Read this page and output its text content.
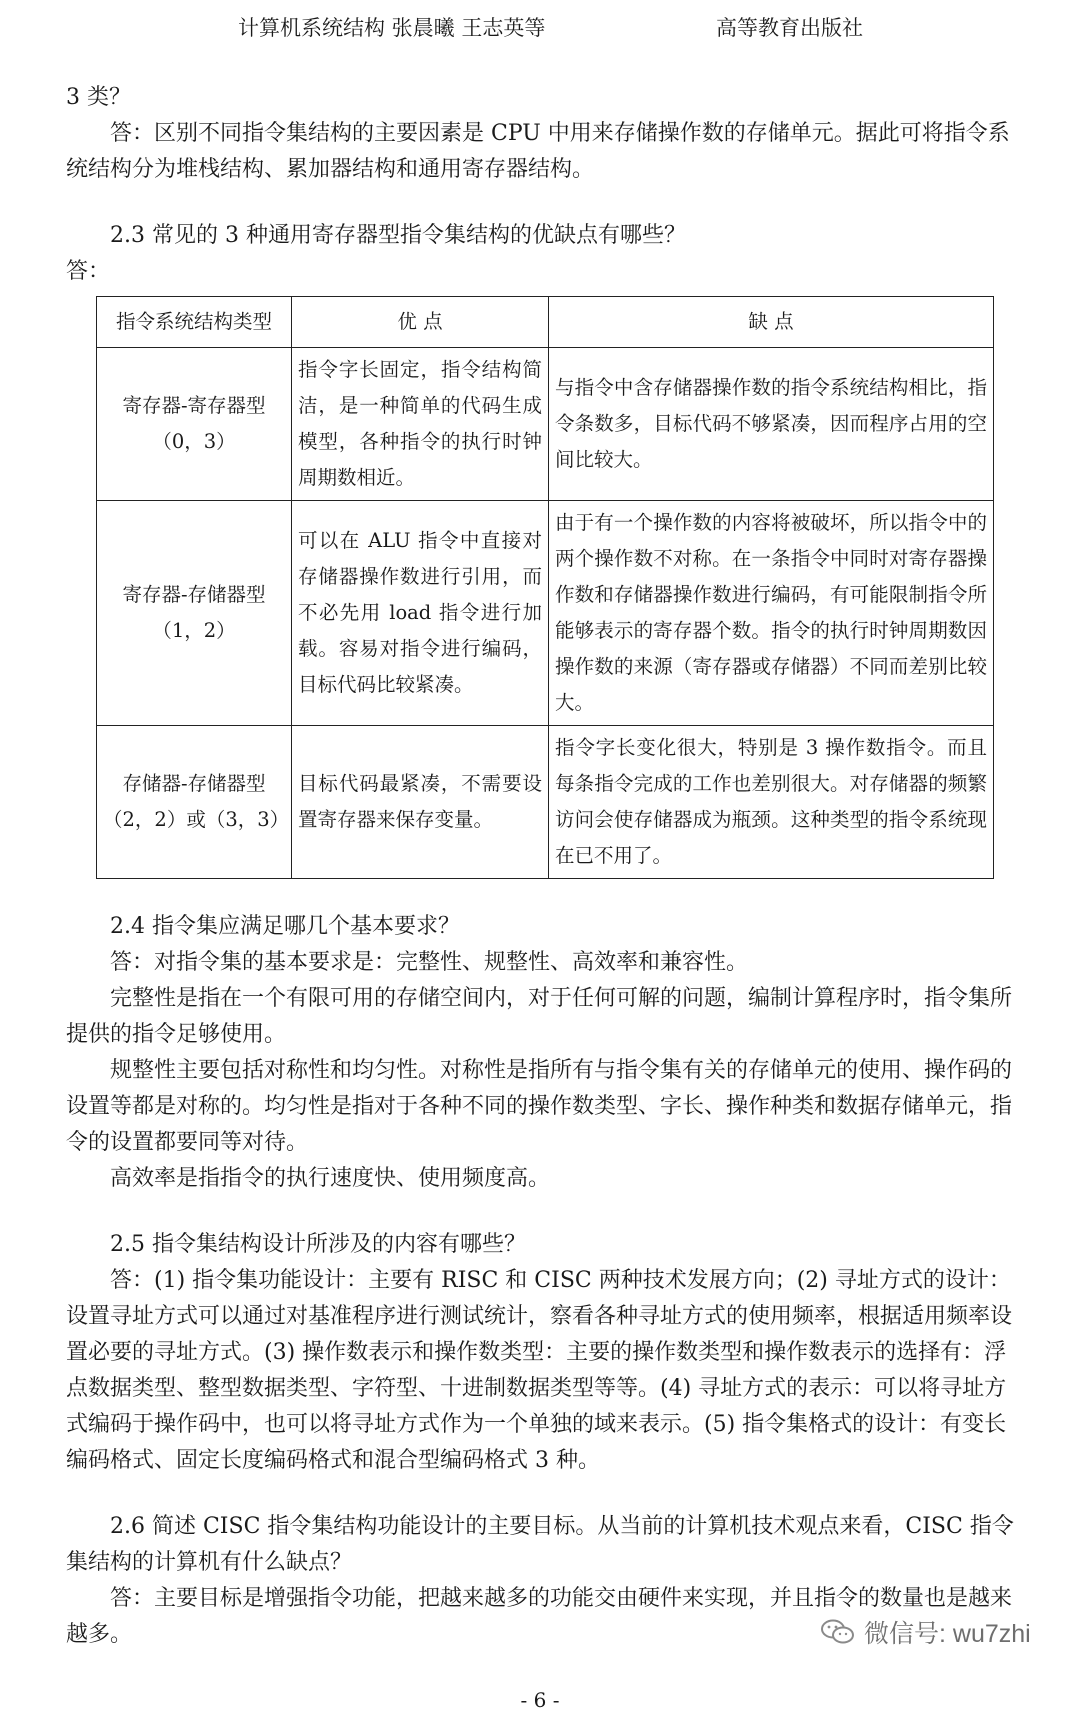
计算机系统结构 张晨曦 王志英等	高等教育出版社

3 类？

答：区别不同指令集结构的主要因素是 CPU 中用来存储操作数的存储单元。据此可将指令系统结构分为堆栈结构、累加器结构和通用寄存器结构。

2.3 常见的 3 种通用寄存器型指令集结构的优缺点有哪些？

答：

指令系统结构类型	优 点	缺 点

寄存器-寄存器型
（0，3）	指令字长固定，指令结构简洁，是一种简单的代码生成模型，各种指令的执行时钟周期数相近。	与指令中含存储器操作数的指令系统结构相比，指令条数多，目标代码不够紧凑，因而程序占用的空间比较大。

寄存器-存储器型
（1，2）	可以在 ALU 指令中直接对存储器操作数进行引用，而不必先用 load 指令进行加载。容易对指令进行编码，目标代码比较紧凑。	由于有一个操作数的内容将被破坏，所以指令中的两个操作数不对称。在一条指令中同时对寄存器操作数和存储器操作数进行编码，有可能限制指令所能够表示的寄存器个数。指令的执行时钟周期数因操作数的来源（寄存器或存储器）不同而差别比较大。

存储器-存储器型
（2，2）或（3，3）	目标代码最紧凑，不需要设置寄存器来保存变量。	指令字长变化很大，特别是 3 操作数指令。而且每条指令完成的工作也差别很大。对存储器的频繁访问会使存储器成为瓶颈。这种类型的指令系统现在已不用了。

2.4 指令集应满足哪几个基本要求？

答：对指令集的基本要求是：完整性、规整性、高效率和兼容性。

完整性是指在一个有限可用的存储空间内，对于任何可解的问题，编制计算程序时，指令集所提供的指令足够使用。

规整性主要包括对称性和均匀性。对称性是指所有与指令集有关的存储单元的使用、操作码的设置等都是对称的。均匀性是指对于各种不同的操作数类型、字长、操作种类和数据存储单元，指令的设置都要同等对待。

高效率是指指令的执行速度快、使用频度高。

2.5 指令集结构设计所涉及的内容有哪些？

答：(1) 指令集功能设计：主要有 RISC 和 CISC 两种技术发展方向；(2) 寻址方式的设计：设置寻址方式可以通过对基准程序进行测试统计，察看各种寻址方式的使用频率，根据适用频率设置必要的寻址方式。(3) 操作数表示和操作数类型：主要的操作数类型和操作数表示的选择有：浮点数据类型、整型数据类型、字符型、十进制数据类型等等。(4) 寻址方式的表示：可以将寻址方式编码于操作码中，也可以将寻址方式作为一个单独的域来表示。(5) 指令集格式的设计：有变长编码格式、固定长度编码格式和混合型编码格式 3 种。

2.6 简述 CISC 指令集结构功能设计的主要目标。从当前的计算机技术观点来看，CISC 指令集结构的计算机有什么缺点？

答：主要目标是增强指令功能，把越来越多的功能交由硬件来实现，并且指令的数量也是越来越多。	微信号: wu7zhi
- 6 -
